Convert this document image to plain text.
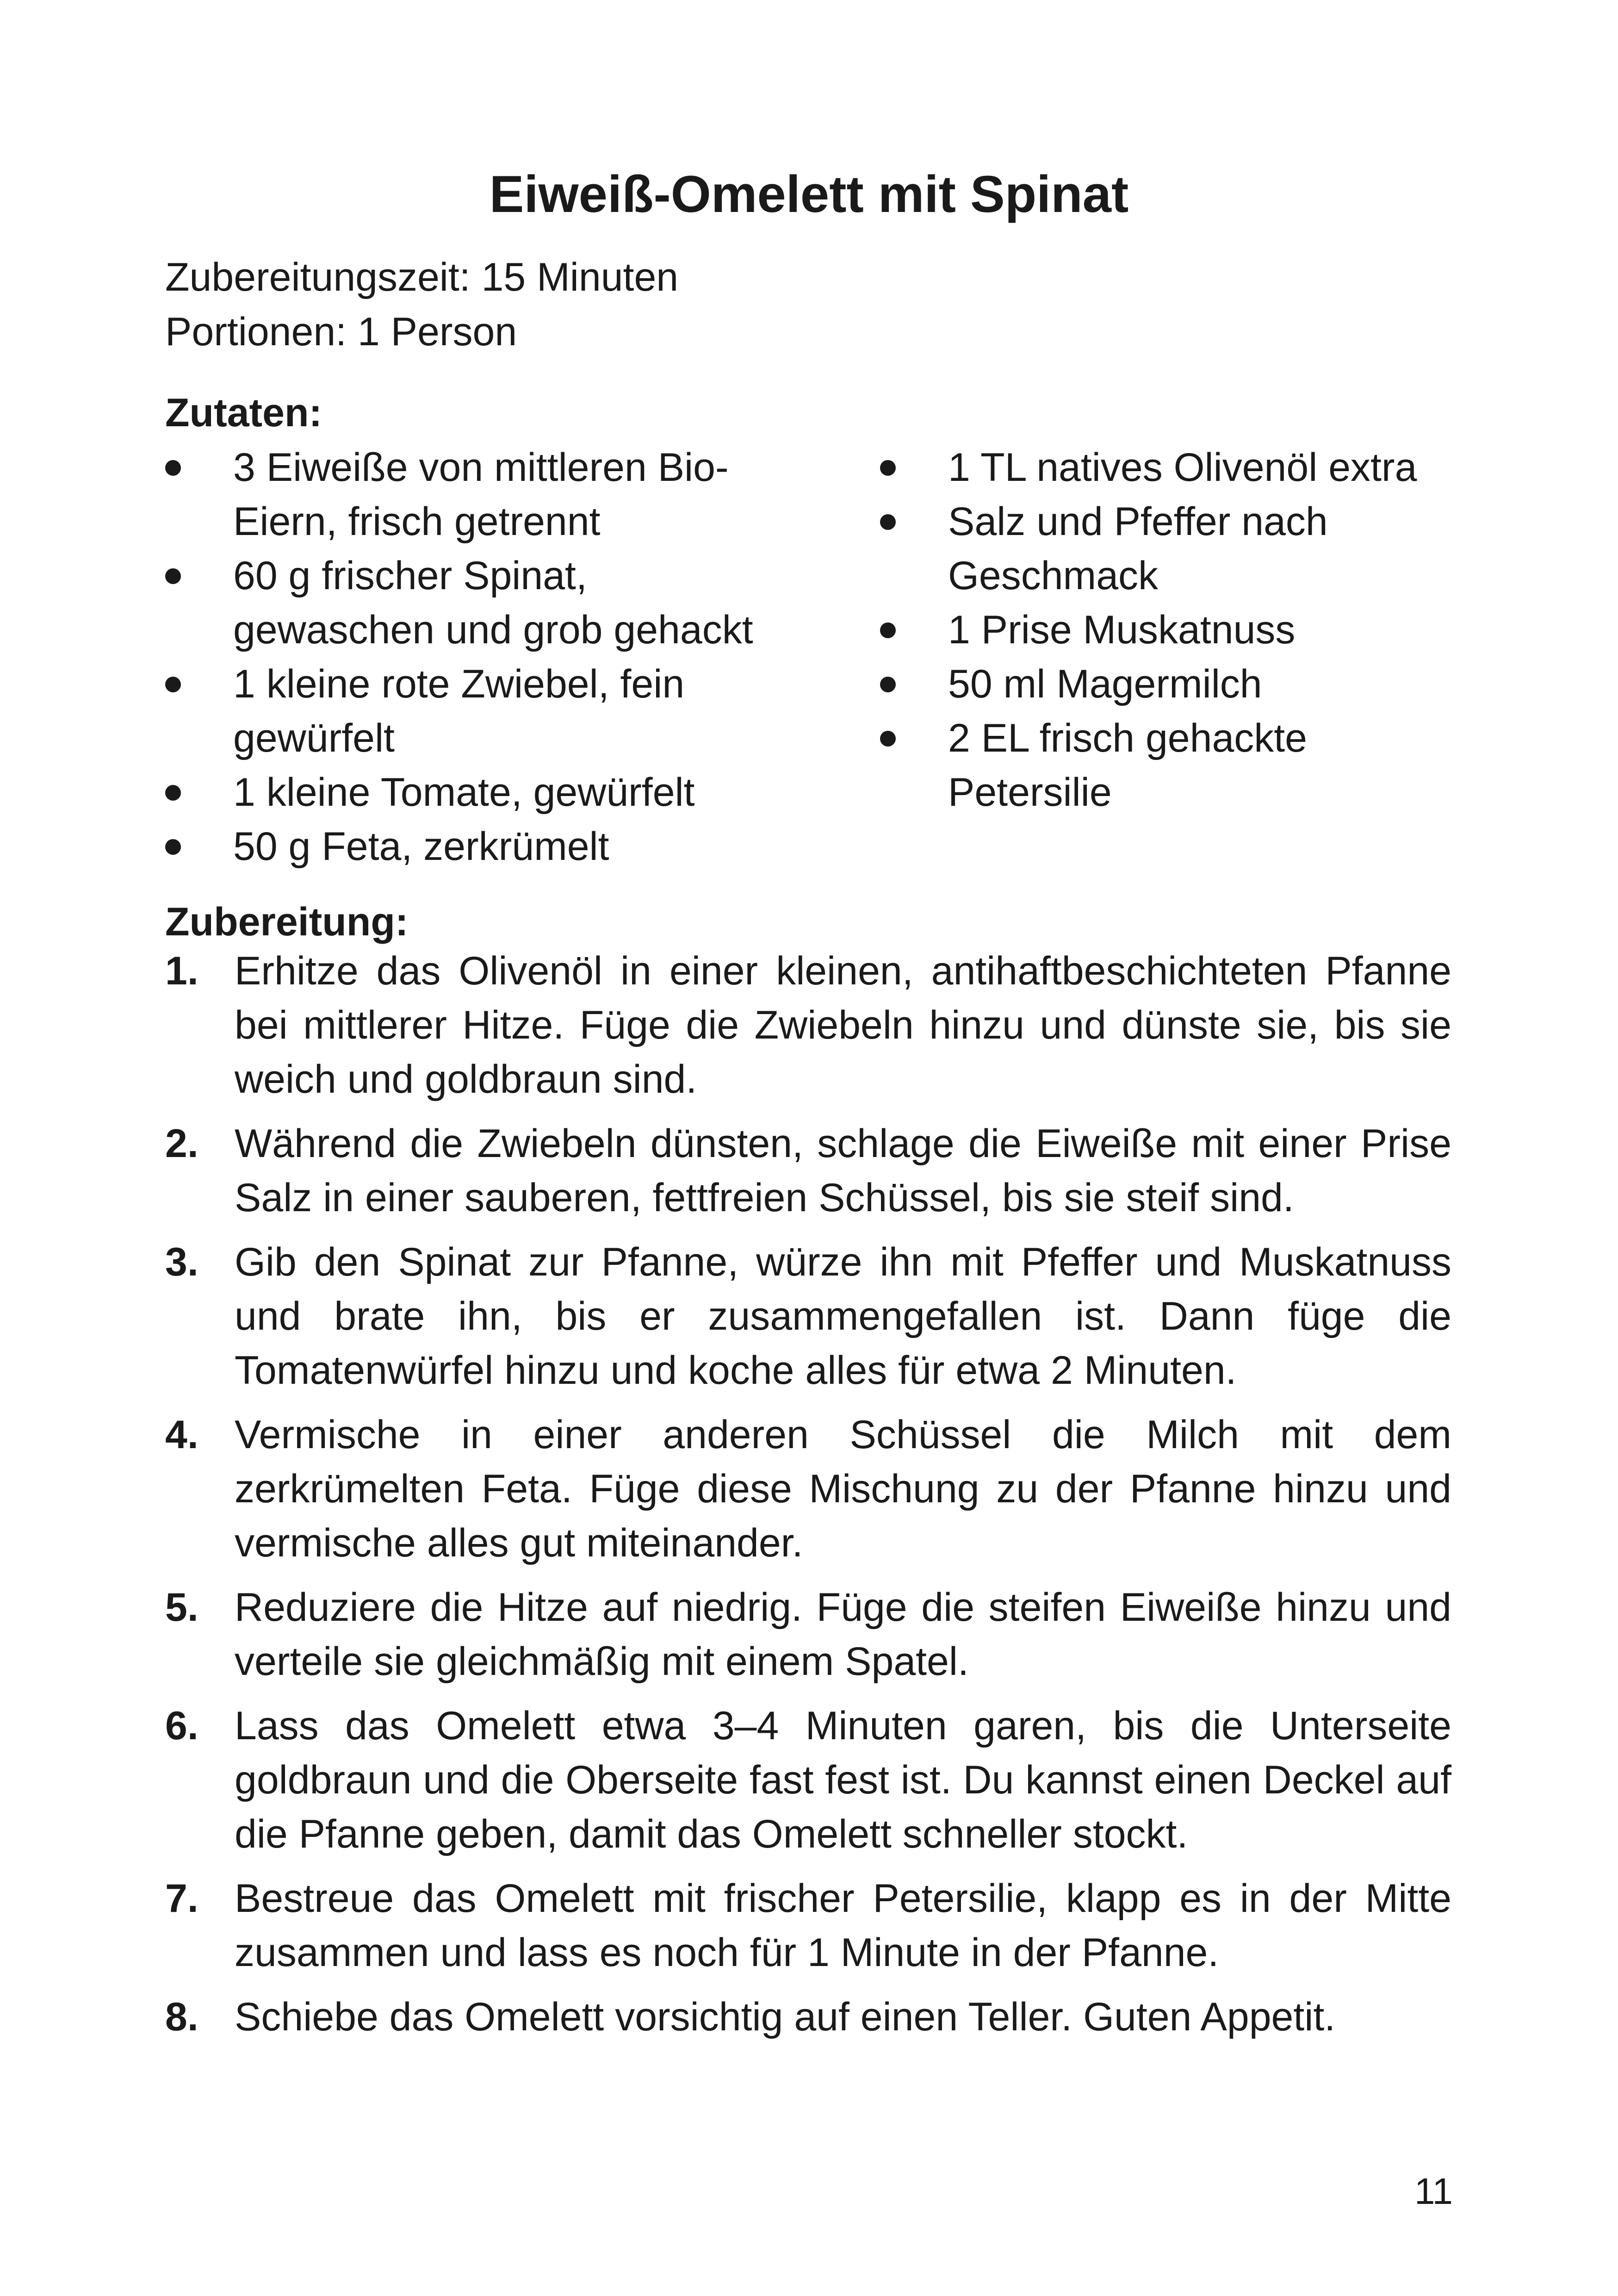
Eiweiß-Omelett mit Spinat
Zubereitungszeit: 15 Minuten
Portionen: 1 Person
Zutaten:
3 Eiweiße von mittleren Bio-Eiern, frisch getrennt
60 g frischer Spinat, gewaschen und grob gehackt
1 kleine rote Zwiebel, fein gewürfelt
1 kleine Tomate, gewürfelt
50 g Feta, zerkrümelt
1 TL natives Olivenöl extra
Salz und Pfeffer nach Geschmack
1 Prise Muskatnuss
50 ml Magermilch
2 EL frisch gehackte Petersilie
Zubereitung:
1. Erhitze das Olivenöl in einer kleinen, antihaftbeschichteten Pfanne bei mittlerer Hitze. Füge die Zwiebeln hinzu und dünste sie, bis sie weich und goldbraun sind.
2. Während die Zwiebeln dünsten, schlage die Eiweiße mit einer Prise Salz in einer sauberen, fettfreien Schüssel, bis sie steif sind.
3. Gib den Spinat zur Pfanne, würze ihn mit Pfeffer und Muskatnuss und brate ihn, bis er zusammengefallen ist. Dann füge die Tomatenwürfel hinzu und koche alles für etwa 2 Minuten.
4. Vermische in einer anderen Schüssel die Milch mit dem zerkrümelten Feta. Füge diese Mischung zu der Pfanne hinzu und vermische alles gut miteinander.
5. Reduziere die Hitze auf niedrig. Füge die steifen Eiweiße hinzu und verteile sie gleichmäßig mit einem Spatel.
6. Lass das Omelett etwa 3–4 Minuten garen, bis die Unterseite goldbraun und die Oberseite fast fest ist. Du kannst einen Deckel auf die Pfanne geben, damit das Omelett schneller stockt.
7. Bestreue das Omelett mit frischer Petersilie, klapp es in der Mitte zusammen und lass es noch für 1 Minute in der Pfanne.
8. Schiebe das Omelett vorsichtig auf einen Teller. Guten Appetit.
11
